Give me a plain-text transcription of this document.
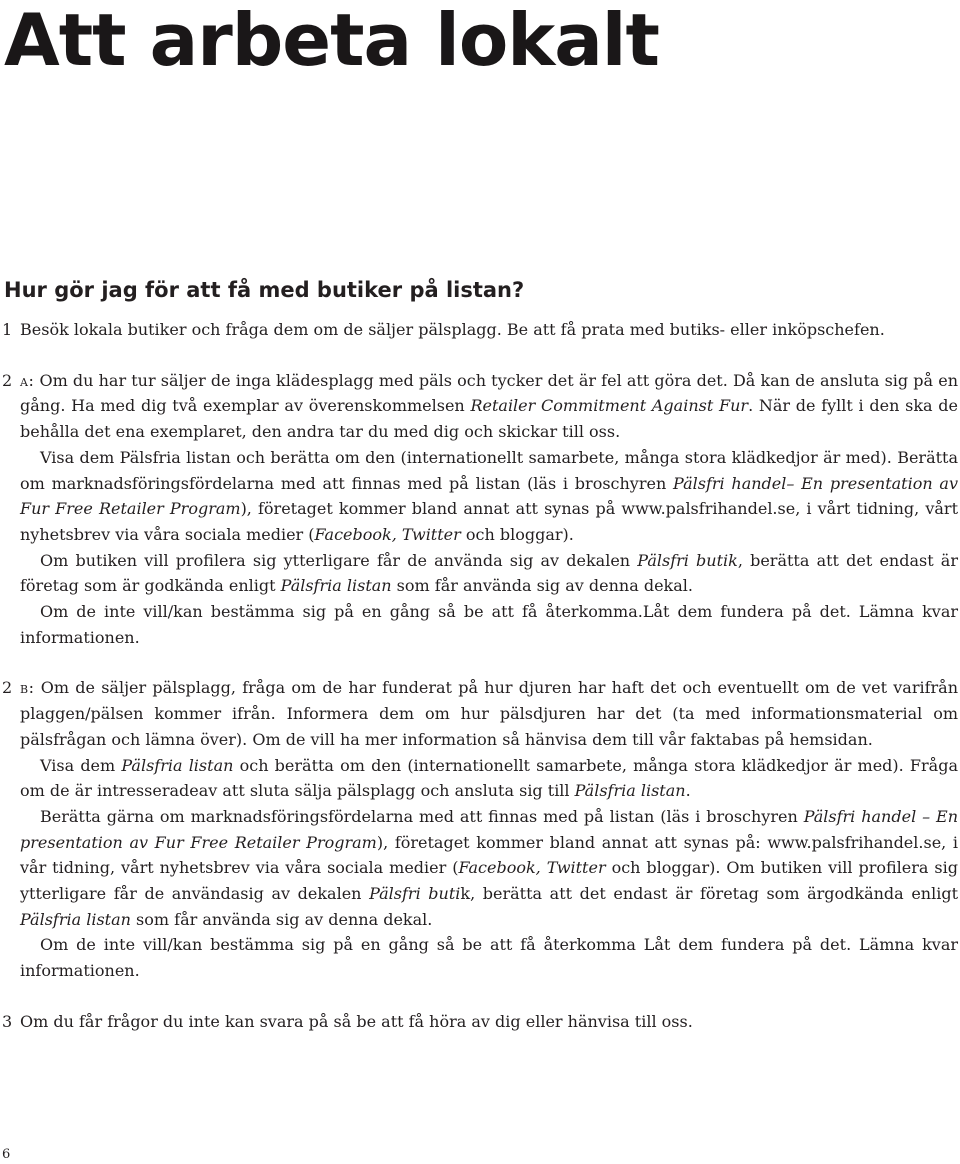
Att arbeta lokalt
Hur gör jag för att få med butiker på listan?
1 Besök lokala butiker och fråga dem om de säljer pälsplagg. Be att få prata med butiks- eller inköpschefen.

2 a: Om du har tur säljer de inga klädesplagg med päls och tycker det är fel att göra det. Då kan de ansluta sig på en gång. Ha med dig två exemplar av överenskommelsen Retailer Commitment Against Fur. När de fyllt i den ska de behålla det ena exemplaret, den andra tar du med dig och skickar till oss.

Visa dem Pälsfria listan och berätta om den (internationellt samarbete, många stora klädkedjor är med). Berätta om marknadsföringsfördelarna med att finnas med på listan (läs i broschyren Pälsfri handel– En presentation av Fur Free Retailer Program), företaget kommer bland annat att synas på www.palsfrihandel.se, i vårt tidning, vårt nyhetsbrev via våra sociala medier (Facebook, Twitter och bloggar).

Om butiken vill profilera sig ytterligare får de använda sig av dekalen Pälsfri butik, berätta att det endast är företag som är godkända enligt Pälsfria listan som får använda sig av denna dekal.

Om de inte vill/kan bestämma sig på en gång så be att få återkomma.Låt dem fundera på det. Lämna kvar informationen.

2 b: Om de säljer pälsplagg, fråga om de har funderat på hur djuren har haft det och eventuellt om de vet varifrån plaggen/pälsen kommer ifrån. Informera dem om hur pälsdjuren har det (ta med informationsmaterial om pälsfrågan och lämna över). Om de vill ha mer information så hänvisa dem till vår faktabas på hemsidan.

Visa dem Pälsfria listan och berätta om den (internationellt samarbete, många stora klädkedjor är med). Fråga om de är intresseradeav att sluta sälja pälsplagg och ansluta sig till Pälsfria listan.

Berätta gärna om marknadsföringsfördelarna med att finnas med på listan (läs i broschyren Pälsfri handel – En presentation av Fur Free Retailer Program), företaget kommer bland annat att synas på: www.palsfrihandel.se, i vår tidning, vårt nyhetsbrev via våra sociala medier (Facebook, Twitter och bloggar). Om butiken vill profilera sig ytterligare får de användasig av dekalen Pälsfri butik, berätta att det endast är företag som ärgodkända enligt Pälsfria listan som får använda sig av denna dekal.

Om de inte vill/kan bestämma sig på en gång så be att få återkomma Låt dem fundera på det. Lämna kvar informationen.

3 Om du får frågor du inte kan svara på så be att få höra av dig eller hänvisa till oss.

6
